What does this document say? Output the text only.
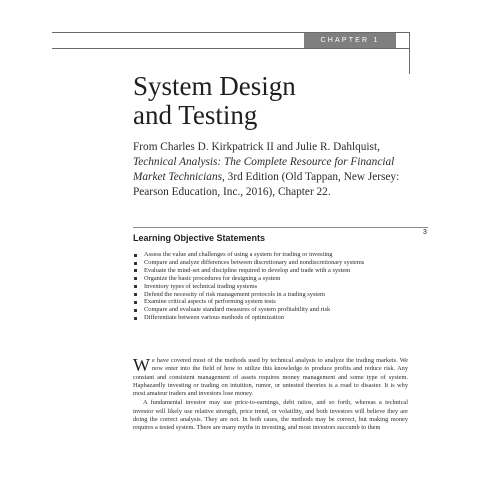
CHAPTER 1
System Design
and Testing
From Charles D. Kirkpatrick II and Julie R. Dahlquist, Technical Analysis: The Complete Resource for Financial Market Technicians, 3rd Edition (Old Tappan, New Jersey: Pearson Education, Inc., 2016), Chapter 22.
3
Learning Objective Statements
Assess the value and challenges of using a system for trading or investing
Compare and analyze differences between discretionary and nondiscretionary systems
Evaluate the mind-set and discipline required to develop and trade with a system
Organize the basic procedures for designing a system
Inventory types of technical trading systems
Defend the necessity of risk management protocols in a trading system
Examine critical aspects of performing system tests
Compare and evaluate standard measures of system profitability and risk
Differentiate between various methods of optimization

We have covered most of the methods used by technical analysts to analyze the trading markets. We now enter into the field of how to utilize this knowledge to produce profits and reduce risk. Any constant and consistent management of assets requires money management and some type of system. Haphazardly investing or trading on intuition, rumor, or untested theories is a road to disaster. It is why most amateur traders and investors lose money.

A fundamental investor may use price-to-earnings, debt ratios, and so forth, whereas a technical investor will likely use relative strength, price trend, or volatility, and both investors will believe they are doing the correct analysis. They are not. In both cases, the methods may be correct, but making money requires a tested system. There are many myths in investing, and most investors succumb to them
